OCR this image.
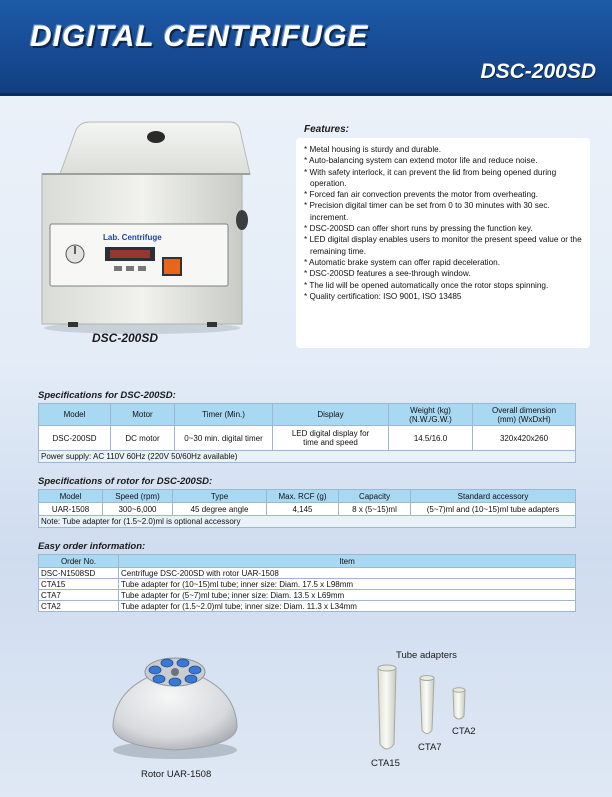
DIGITAL CENTRIFUGE
DSC-200SD
Lab. Centrifuge
DSC-200SD
Features:
* Metal housing is sturdy and durable.
* Auto-balancing system can extend motor life and reduce noise.
* With safety interlock, it can prevent the lid from being opened during operation.
* Forced fan air convection prevents the motor from overheating.
* Precision digital timer can be set from 0 to 30 minutes with 30 sec. increment.
* DSC-200SD can offer short runs by pressing the function key.
* LED digital display enables users to monitor the present speed value or the remaining time.
* Automatic brake system can offer rapid deceleration.
* DSC-200SD features a see-through window.
* The lid will be opened automatically once the rotor stops spinning.
* Quality certification: ISO 9001, ISO 13485
Specifications for DSC-200SD:
Model	Motor	Timer (Min.)	Display	Weight (kg)
(N.W./G.W.)	Overall dimension
(mm) (WxDxH)
DSC-200SD	DC motor	0~30 min. digital timer	LED digital display for
time and speed	14.5/16.0	320x420x260
Power supply: AC 110V 60Hz (220V 50/60Hz available)					
Specifications of rotor for DSC-200SD:
Model	Speed (rpm)	Type	Max. RCF (g)	Capacity	Standard accessory
UAR-1508	300~6,000	45 degree angle	4,145	8 x (5~15)ml	(5~7)ml and (10~15)ml tube adapters
Note: Tube adapter for (1.5~2.0)ml is optional accessory					
Easy order information:
Order No.	Item
DSC-N1508SD	Centrifuge DSC-200SD with rotor UAR-1508
CTA15	Tube adapter for (10~15)ml tube; inner size: Diam. 17.5 x L98mm
CTA7	Tube adapter for (5~7)ml tube; inner size: Diam. 13.5 x L69mm
CTA2	Tube adapter for (1.5~2.0)ml tube; inner size: Diam. 11.3 x L34mm
Rotor UAR-1508
Tube adapters
CTA15
CTA7
CTA2
